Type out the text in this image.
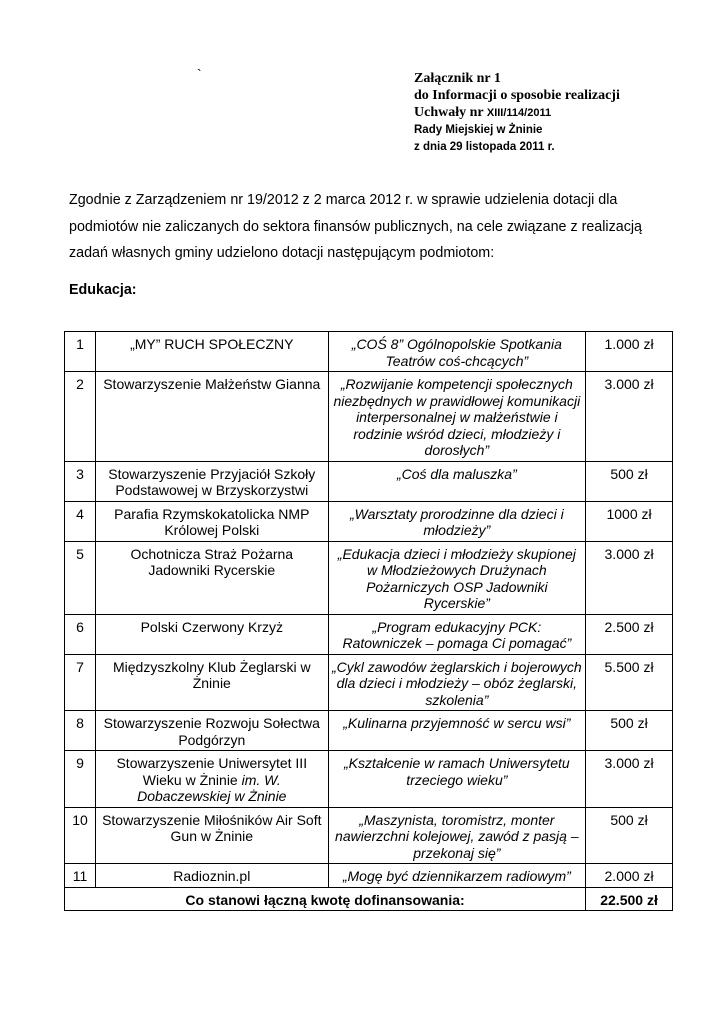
`	Załącznik nr 1
do Informacji o sposobie realizacji
Uchwały nr XIII/114/2011
Rady Miejskiej w Żninie
z dnia 29 listopada 2011 r.
Zgodnie z Zarządzeniem nr 19/2012 z 2 marca 2012 r. w sprawie udzielenia dotacji dla podmiotów nie zaliczanych do sektora finansów publicznych, na cele związane z realizacją zadań własnych gminy udzielono dotacji następującym podmiotom:
Edukacja:
1	„MY” RUCH SPOŁECZNY	„COŚ 8” Ogólnopolskie Spotkania Teatrów coś-chcących”	1.000 zł
2	Stowarzyszenie Małżeństw Gianna	„Rozwijanie kompetencji społecznych niezbędnych w prawidłowej komunikacji interpersonalnej w małżeństwie i rodzinie wśród dzieci, młodzieży i dorosłych”	3.000 zł
3	Stowarzyszenie Przyjaciół Szkoły Podstawowej w Brzyskorzystwi	„Coś dla maluszka”	500 zł
4	Parafia Rzymskokatolicka NMP Królowej Polski	„Warsztaty prorodzinne dla dzieci i młodzieży”	1000 zł
5	Ochotnicza Straż Pożarna Jadowniki Rycerskie	„Edukacja dzieci i młodzieży skupionej w Młodzieżowych Drużynach Pożarniczych OSP Jadowniki Rycerskie”	3.000 zł
6	Polski Czerwony Krzyż	„Program edukacyjny PCK: Ratowniczek – pomaga Ci pomagać”	2.500 zł
7	Międzyszkolny Klub Żeglarski w Żninie	„Cykl zawodów żeglarskich i bojerowych dla dzieci i młodzieży – obóz żeglarski, szkolenia”	5.500 zł
8	Stowarzyszenie Rozwoju Sołectwa Podgórzyn	„Kulinarna przyjemność w sercu wsi”	500 zł
9	Stowarzyszenie Uniwersytet III Wieku w Żninie im. W. Dobaczewskiej w Żninie	„Kształcenie w ramach Uniwersytetu trzeciego wieku”	3.000 zł
10	Stowarzyszenie Miłośników Air Soft Gun w Żninie	„Maszynista, toromistrz, monter nawierzchni kolejowej, zawód z pasją – przekonaj się”	500 zł
11	Radioznin.pl	„Mogę być dziennikarzem radiowym”	2.000 zł
Co stanowi łączną kwotę dofinansowania:			22.500 zł
